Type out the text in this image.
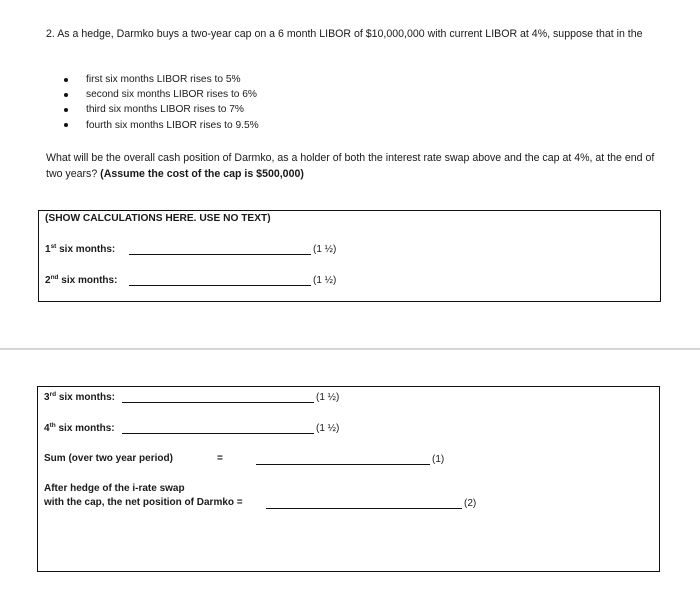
2. As a hedge, Darmko buys a two-year cap on a 6 month LIBOR of $10,000,000 with current LIBOR at 4%, suppose that in the
first six months LIBOR rises to 5%
second six months LIBOR rises to 6%
third six months LIBOR rises to 7%
fourth six months LIBOR rises to 9.5%
What will be the overall cash position of Darmko, as a holder of both the interest rate swap above and the cap at 4%, at the end of two years? (Assume the cost of the cap is $500,000)
(SHOW CALCULATIONS HERE. USE NO TEXT)
1st six months:	(1 ½)
2nd six months:	(1 ½)
3rd six months:	(1 ½)
4th six months:	(1 ½)
Sum (over two year period)	=	(1)
After hedge of the i-rate swap
with the cap, the net position of Darmko =	(2)
